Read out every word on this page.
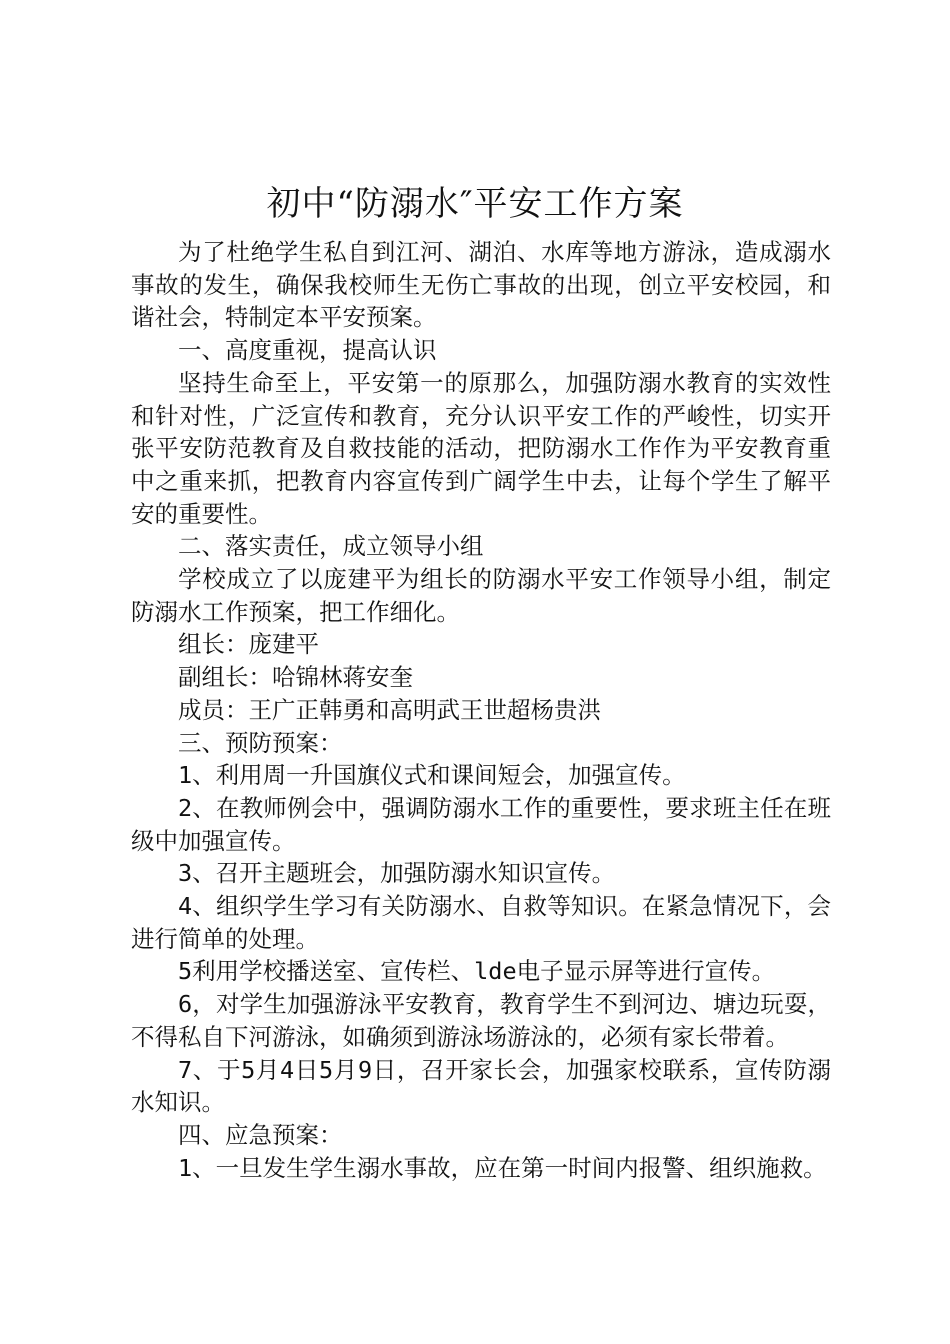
初中“防溺水″平安工作方案

为了杜绝学生私自到江河、湖泊、水库等地方游泳，造成溺水事故的发生，确保我校师生无伤亡事故的出现，创立平安校园，和谐社会，特制定本平安预案。

一、高度重视，提高认识

坚持生命至上，平安第一的原那么，加强防溺水教育的实效性和针对性，广泛宣传和教育，充分认识平安工作的严峻性，切实开张平安防范教育及自救技能的活动，把防溺水工作作为平安教育重中之重来抓，把教育内容宣传到广阔学生中去，让每个学生了解平安的重要性。

二、落实责任，成立领导小组

学校成立了以庞建平为组长的防溺水平安工作领导小组，制定防溺水工作预案，把工作细化。

组长：庞建平

副组长：哈锦林蒋安奎

成员：王广正韩勇和高明武王世超杨贵洪

三、预防预案：

1、利用周一升国旗仪式和课间短会，加强宣传。

2、在教师例会中，强调防溺水工作的重要性，要求班主任在班级中加强宣传。

3、召开主题班会，加强防溺水知识宣传。

4、组织学生学习有关防溺水、自救等知识。在紧急情况下，会进行简单的处理。

5利用学校播送室、宣传栏、lde电子显示屏等进行宣传。

6，对学生加强游泳平安教育，教育学生不到河边、塘边玩耍，不得私自下河游泳，如确须到游泳场游泳的，必须有家长带着。

7、于5月4日5月9日，召开家长会，加强家校联系，宣传防溺水知识。

四、应急预案：

1、一旦发生学生溺水事故，应在第一时间内报警、组织施救。
